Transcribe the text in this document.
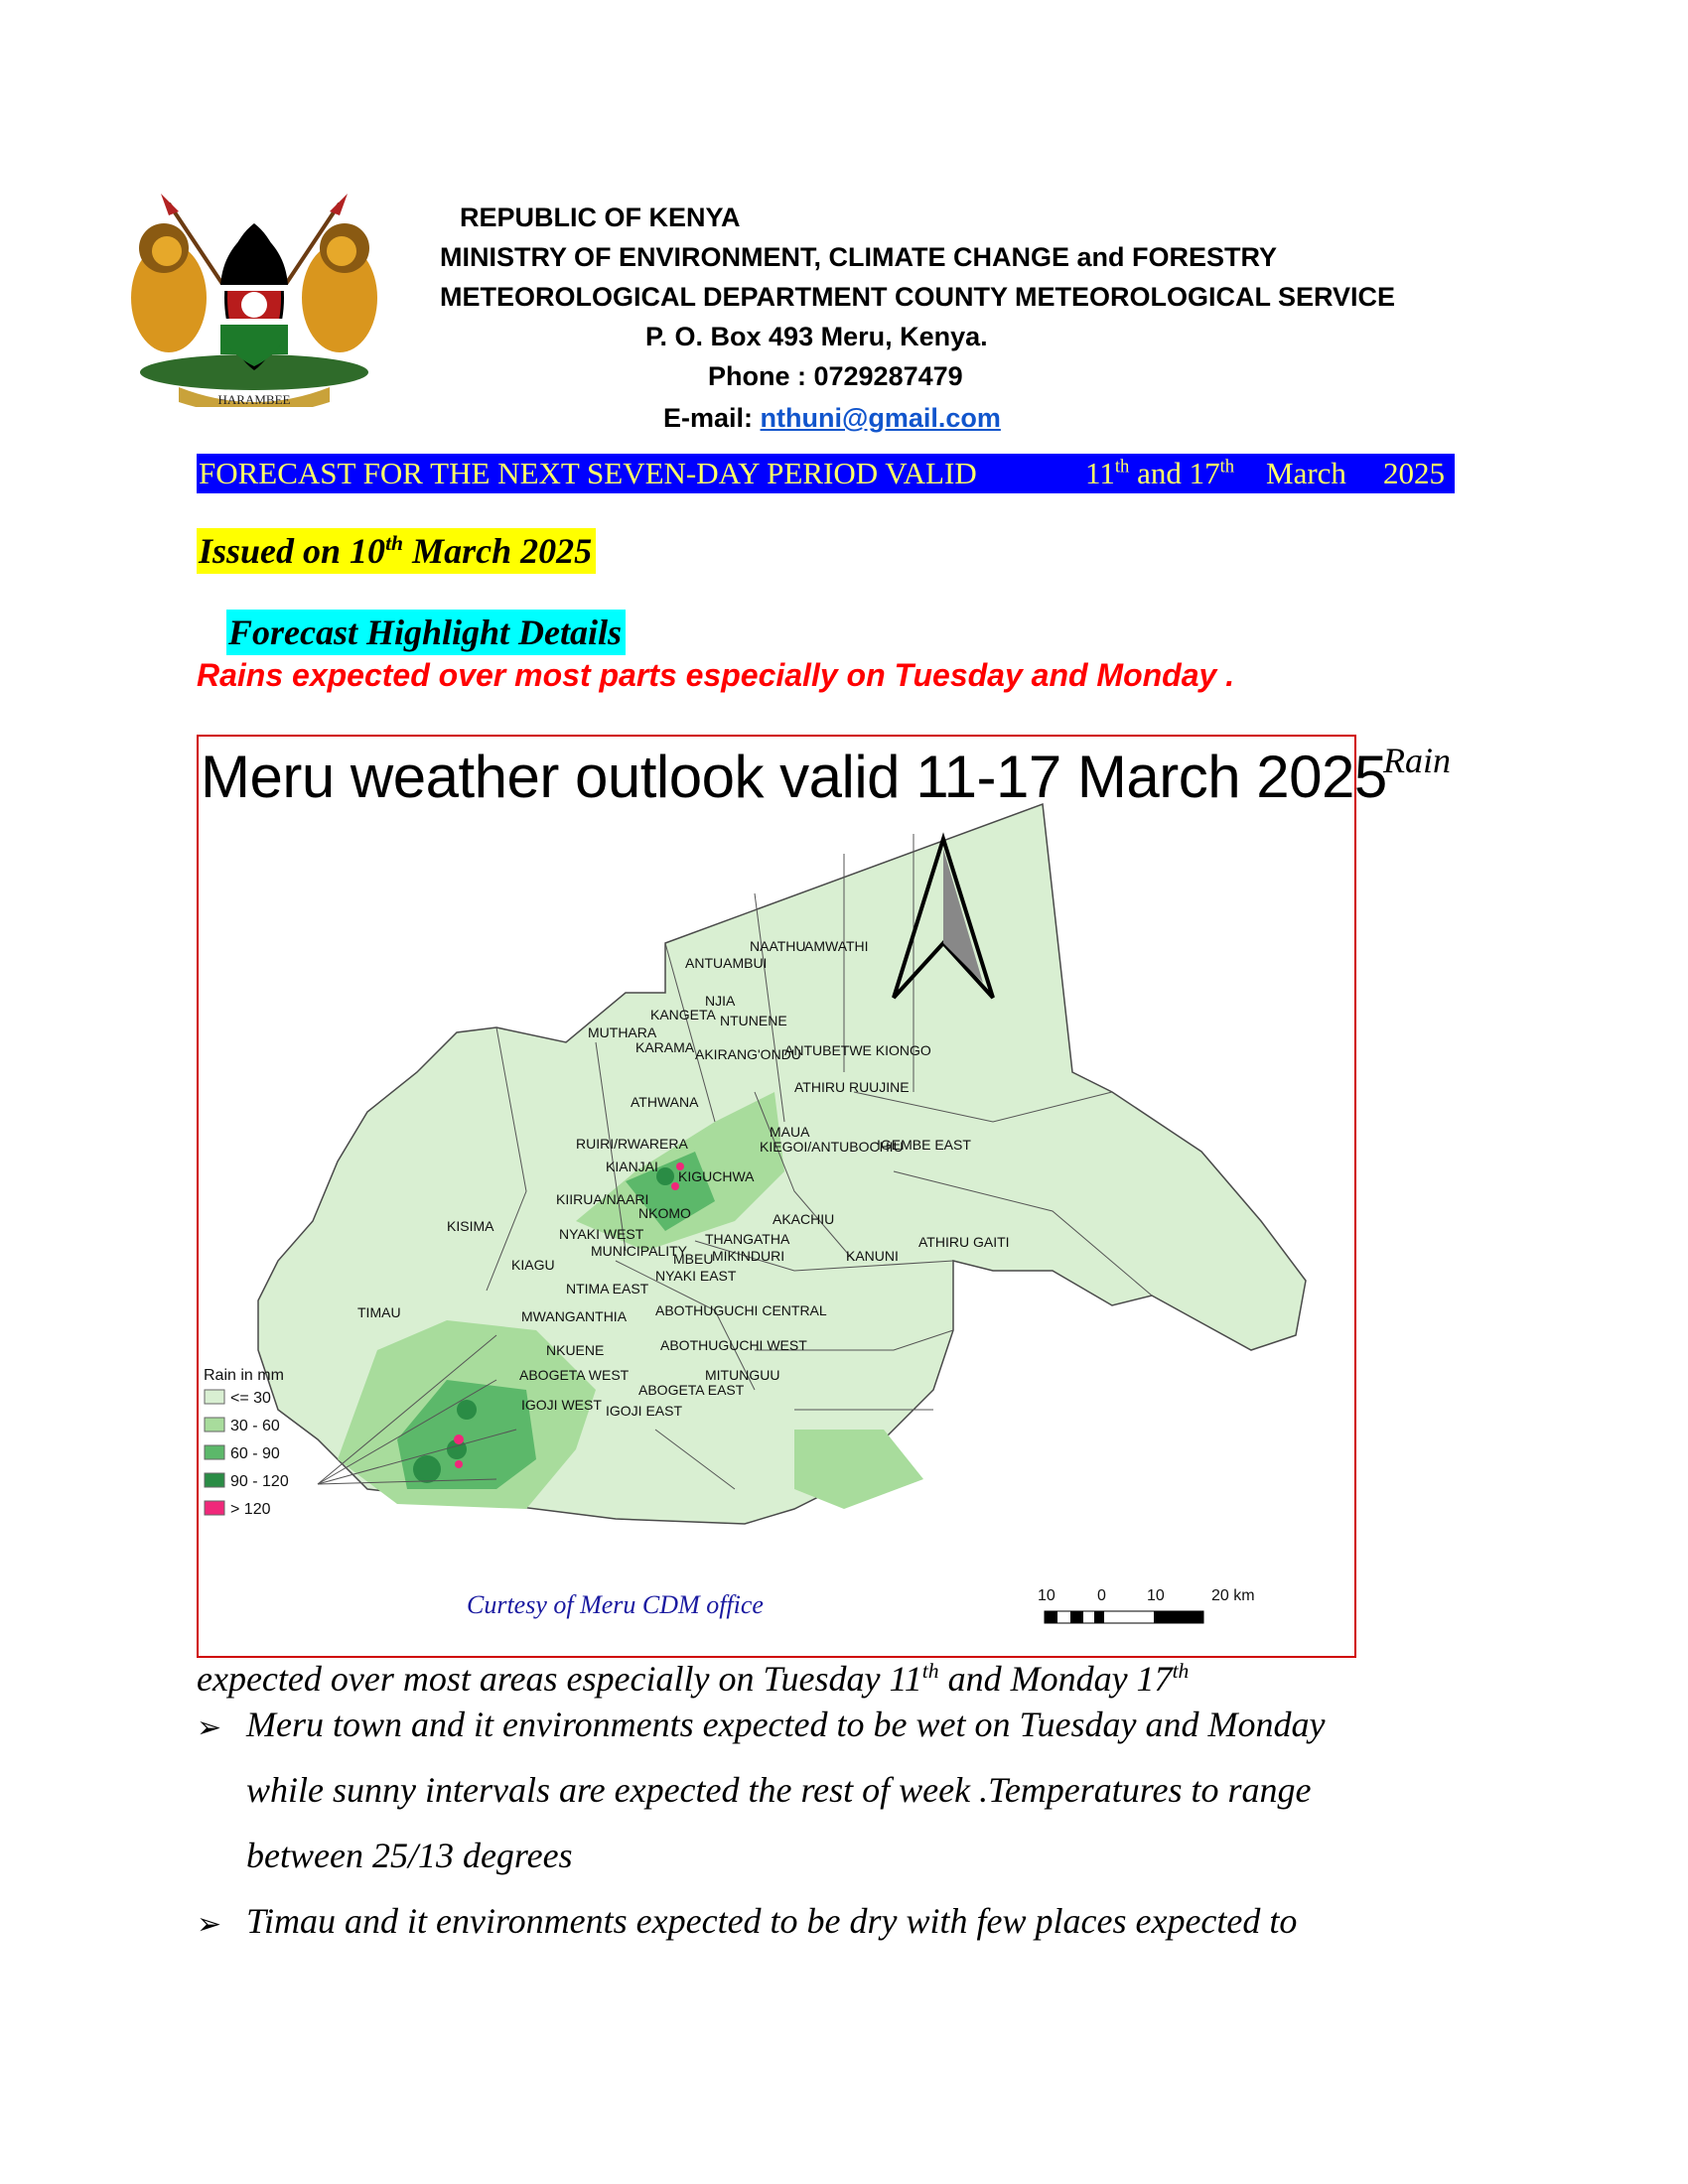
HARAMBEE
REPUBLIC OF KENYA
MINISTRY OF ENVIRONMENT, CLIMATE CHANGE and FORESTRY
METEOROLOGICAL DEPARTMENT COUNTY METEOROLOGICAL SERVICE
P. O. Box 493 Meru, Kenya.
Phone : 0729287479
E-mail: nthuni@gmail.com
FORECAST FOR THE NEXT SEVEN-DAY PERIOD VALID	11th and 17th March 2025
Issued on 10th March 2025
Forecast Highlight Details
Rains expected over most parts especially on Tuesday and Monday .
Meru weather outlook valid 11-17 March 2025
Rain
ANTUAMBUI
NAATHU
AMWATHI
NJIA
KANGETA NTUNENE
MUTHARA
KARAMA AKIRANG'ONDU
ANTUBETWE KIONGO
ATHIRU RUUJINE
ATHWANA
MAUA
KIEGOI/ANTUBOCHIU
IGEMBE EAST
RUIRI/RWARERA
KIANJAI
KIGUCHWA
KIIRUA/NAARI
NKOMO	AKACHIU
KISIMA	NYAKI WEST	THANGATHA	ATHIRU GAITI
MUNICIPALITY
MBEU
MIKINDURI	KANUNI
KIAGU
NYAKI EAST
NTIMA EAST
TIMAU	ABOTHUGUCHI CENTRAL
MWANGANTHIA
NKUENE	ABOTHUGUCHI WEST
ABOGETA WEST	MITUNGUU
ABOGETA EAST
IGOJI WEST IGOJI EAST
Rain in mm
<= 30
30 - 60
60 - 90
90 - 120
> 120
Curtesy of Meru CDM office	10	0	10	20 km
expected over most areas especially on Tuesday 11th and Monday 17th
➢ Meru town and it environments expected to be wet on Tuesday and Monday
while sunny intervals are expected the rest of week .Temperatures to range
between 25/13 degrees
➢ Timau and it environments expected to be dry with few places expected to
